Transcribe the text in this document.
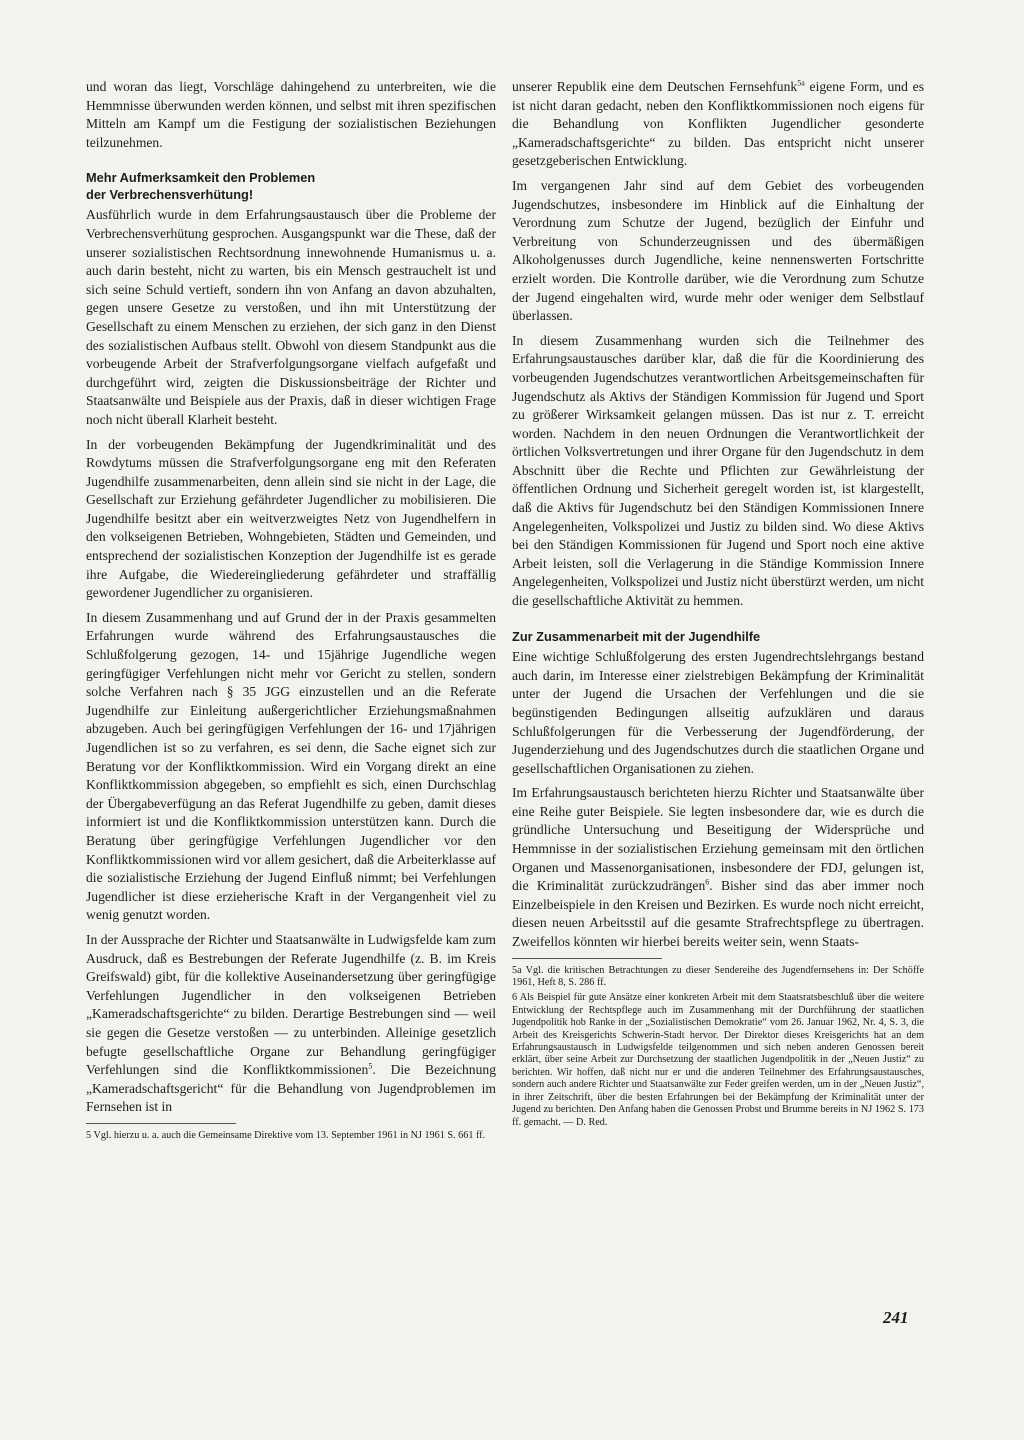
und woran das liegt, Vorschläge dahingehend zu unterbreiten, wie die Hemmnisse überwunden werden können, und selbst mit ihren spezifischen Mitteln am Kampf um die Festigung der sozialistischen Beziehungen teilzunehmen.

Mehr Aufmerksamkeit den Problemen
der Verbrechensverhütung!

Ausführlich wurde in dem Erfahrungsaustausch über die Probleme der Verbrechensverhütung gesprochen. Ausgangspunkt war die These, daß der unserer sozialistischen Rechtsordnung innewohnende Humanismus u. a. auch darin besteht, nicht zu warten, bis ein Mensch gestrauchelt ist und sich seine Schuld vertieft, sondern ihn von Anfang an davon abzuhalten, gegen unsere Gesetze zu verstoßen, und ihn mit Unterstützung der Gesellschaft zu einem Menschen zu erziehen, der sich ganz in den Dienst des sozialistischen Aufbaus stellt. Obwohl von diesem Standpunkt aus die vorbeugende Arbeit der Strafverfolgungsorgane vielfach aufgefaßt und durchgeführt wird, zeigten die Diskussionsbeiträge der Richter und Staatsanwälte und Beispiele aus der Praxis, daß in dieser wichtigen Frage noch nicht überall Klarheit besteht.

In der vorbeugenden Bekämpfung der Jugendkriminalität und des Rowdytums müssen die Strafverfolgungsorgane eng mit den Referaten Jugendhilfe zusammenarbeiten, denn allein sind sie nicht in der Lage, die Gesellschaft zur Erziehung gefährdeter Jugendlicher zu mobilisieren. Die Jugendhilfe besitzt aber ein weitverzweigtes Netz von Jugendhelfern in den volkseigenen Betrieben, Wohngebieten, Städten und Gemeinden, und entsprechend der sozialistischen Konzeption der Jugendhilfe ist es gerade ihre Aufgabe, die Wiedereingliederung gefährdeter und straffällig gewordener Jugendlicher zu organisieren.

In diesem Zusammenhang und auf Grund der in der Praxis gesammelten Erfahrungen wurde während des Erfahrungsaustausches die Schlußfolgerung gezogen, 14- und 15jährige Jugendliche wegen geringfügiger Verfehlungen nicht mehr vor Gericht zu stellen, sondern solche Verfahren nach § 35 JGG einzustellen und an die Referate Jugendhilfe zur Einleitung außergerichtlicher Erziehungsmaßnahmen abzugeben. Auch bei geringfügigen Verfehlungen der 16- und 17jährigen Jugendlichen ist so zu verfahren, es sei denn, die Sache eignet sich zur Beratung vor der Konfliktkommission. Wird ein Vorgang direkt an eine Konfliktkommission abgegeben, so empfiehlt es sich, einen Durchschlag der Übergabeverfügung an das Referat Jugendhilfe zu geben, damit dieses informiert ist und die Konfliktkommission unterstützen kann. Durch die Beratung über geringfügige Verfehlungen Jugendlicher vor den Konfliktkommissionen wird vor allem gesichert, daß die Arbeiterklasse auf die sozialistische Erziehung der Jugend Einfluß nimmt; bei Verfehlungen Jugendlicher ist diese erzieherische Kraft in der Vergangenheit viel zu wenig genutzt worden.

In der Aussprache der Richter und Staatsanwälte in Ludwigsfelde kam zum Ausdruck, daß es Bestrebungen der Referate Jugendhilfe (z. B. im Kreis Greifswald) gibt, für die kollektive Auseinandersetzung über geringfügige Verfehlungen Jugendlicher in den volkseigenen Betrieben „Kameradschaftsgerichte“ zu bilden. Derartige Bestrebungen sind — weil sie gegen die Gesetze verstoßen — zu unterbinden. Alleinige gesetzlich befugte gesellschaftliche Organe zur Behandlung geringfügiger Verfehlungen sind die Konfliktkommissionen$^5$. Die Bezeichnung „Kameradschaftsgericht“ für die Behandlung von Jugendproblemen im Fernsehen ist in

5 Vgl. hierzu u. a. auch die Gemeinsame Direktive vom 13. September 1961 in NJ 1961 S. 661 ff.

unserer Republik eine dem Deutschen Fernsehfunk$^{5a}$ eigene Form, und es ist nicht daran gedacht, neben den Konfliktkommissionen noch eigens für die Behandlung von Konflikten Jugendlicher gesonderte „Kameradschaftsgerichte“ zu bilden. Das entspricht nicht unserer gesetzgeberischen Entwicklung.

Im vergangenen Jahr sind auf dem Gebiet des vorbeugenden Jugendschutzes, insbesondere im Hinblick auf die Einhaltung der Verordnung zum Schutze der Jugend, bezüglich der Einfuhr und Verbreitung von Schunderzeugnissen und des übermäßigen Alkoholgenusses durch Jugendliche, keine nennenswerten Fortschritte erzielt worden. Die Kontrolle darüber, wie die Verordnung zum Schutze der Jugend eingehalten wird, wurde mehr oder weniger dem Selbstlauf überlassen.

In diesem Zusammenhang wurden sich die Teilnehmer des Erfahrungsaustausches darüber klar, daß die für die Koordinierung des vorbeugenden Jugendschutzes verantwortlichen Arbeitsgemeinschaften für Jugendschutz als Aktivs der Ständigen Kommission für Jugend und Sport zu größerer Wirksamkeit gelangen müssen. Das ist nur z. T. erreicht worden. Nachdem in den neuen Ordnungen die Verantwortlichkeit der örtlichen Volksvertretungen und ihrer Organe für den Jugendschutz in dem Abschnitt über die Rechte und Pflichten zur Gewährleistung der öffentlichen Ordnung und Sicherheit geregelt worden ist, ist klargestellt, daß die Aktivs für Jugendschutz bei den Ständigen Kommissionen Innere Angelegenheiten, Volkspolizei und Justiz zu bilden sind. Wo diese Aktivs bei den Ständigen Kommissionen für Jugend und Sport noch eine aktive Arbeit leisten, soll die Verlagerung in die Ständige Kommission Innere Angelegenheiten, Volkspolizei und Justiz nicht überstürzt werden, um nicht die gesellschaftliche Aktivität zu hemmen.

Zur Zusammenarbeit mit der Jugendhilfe

Eine wichtige Schlußfolgerung des ersten Jugendrechtslehrgangs bestand auch darin, im Interesse einer zielstrebigen Bekämpfung der Kriminalität unter der Jugend die Ursachen der Verfehlungen und die sie begünstigenden Bedingungen allseitig aufzuklären und daraus Schlußfolgerungen für die Verbesserung der Jugendförderung, der Jugenderziehung und des Jugendschutzes durch die staatlichen Organe und gesellschaftlichen Organisationen zu ziehen.

Im Erfahrungsaustausch berichteten hierzu Richter und Staatsanwälte über eine Reihe guter Beispiele. Sie legten insbesondere dar, wie es durch die gründliche Untersuchung und Beseitigung der Widersprüche und Hemmnisse in der sozialistischen Erziehung gemeinsam mit den örtlichen Organen und Massenorganisationen, insbesondere der FDJ, gelungen ist, die Kriminalität zurückzudrängen$^6$. Bisher sind das aber immer noch Einzelbeispiele in den Kreisen und Bezirken. Es wurde noch nicht erreicht, diesen neuen Arbeitsstil auf die gesamte Strafrechtspflege zu übertragen. Zweifellos könnten wir hierbei bereits weiter sein, wenn Staats-

5a Vgl. die kritischen Betrachtungen zu dieser Sendereihe des Jugendfernsehens in: Der Schöffe 1961, Heft 8, S. 286 ff.

6 Als Beispiel für gute Ansätze einer konkreten Arbeit mit dem Staatsratsbeschluß über die weitere Entwicklung der Rechtspflege auch im Zusammenhang mit der Durchführung der staatlichen Jugendpolitik hob Ranke in der „Sozialistischen Demokratie“ vom 26. Januar 1962, Nr. 4, S. 3, die Arbeit des Kreisgerichts Schwerin-Stadt hervor. Der Direktor dieses Kreisgerichts hat an dem Erfahrungsaustausch in Ludwigsfelde teilgenommen und sich neben anderen Genossen bereit erklärt, über seine Arbeit zur Durchsetzung der staatlichen Jugendpolitik in der „Neuen Justiz“ zu berichten. Wir hoffen, daß nicht nur er und die anderen Teilnehmer des Erfahrungsaustausches, sondern auch andere Richter und Staatsanwälte zur Feder greifen werden, um in der „Neuen Justiz“, in ihrer Zeitschrift, über die besten Erfahrungen bei der Bekämpfung der Kriminalität unter der Jugend zu berichten. Den Anfang haben die Genossen Probst und Brumme bereits in NJ 1962 S. 173 ff. gemacht. — D. Red.

241
